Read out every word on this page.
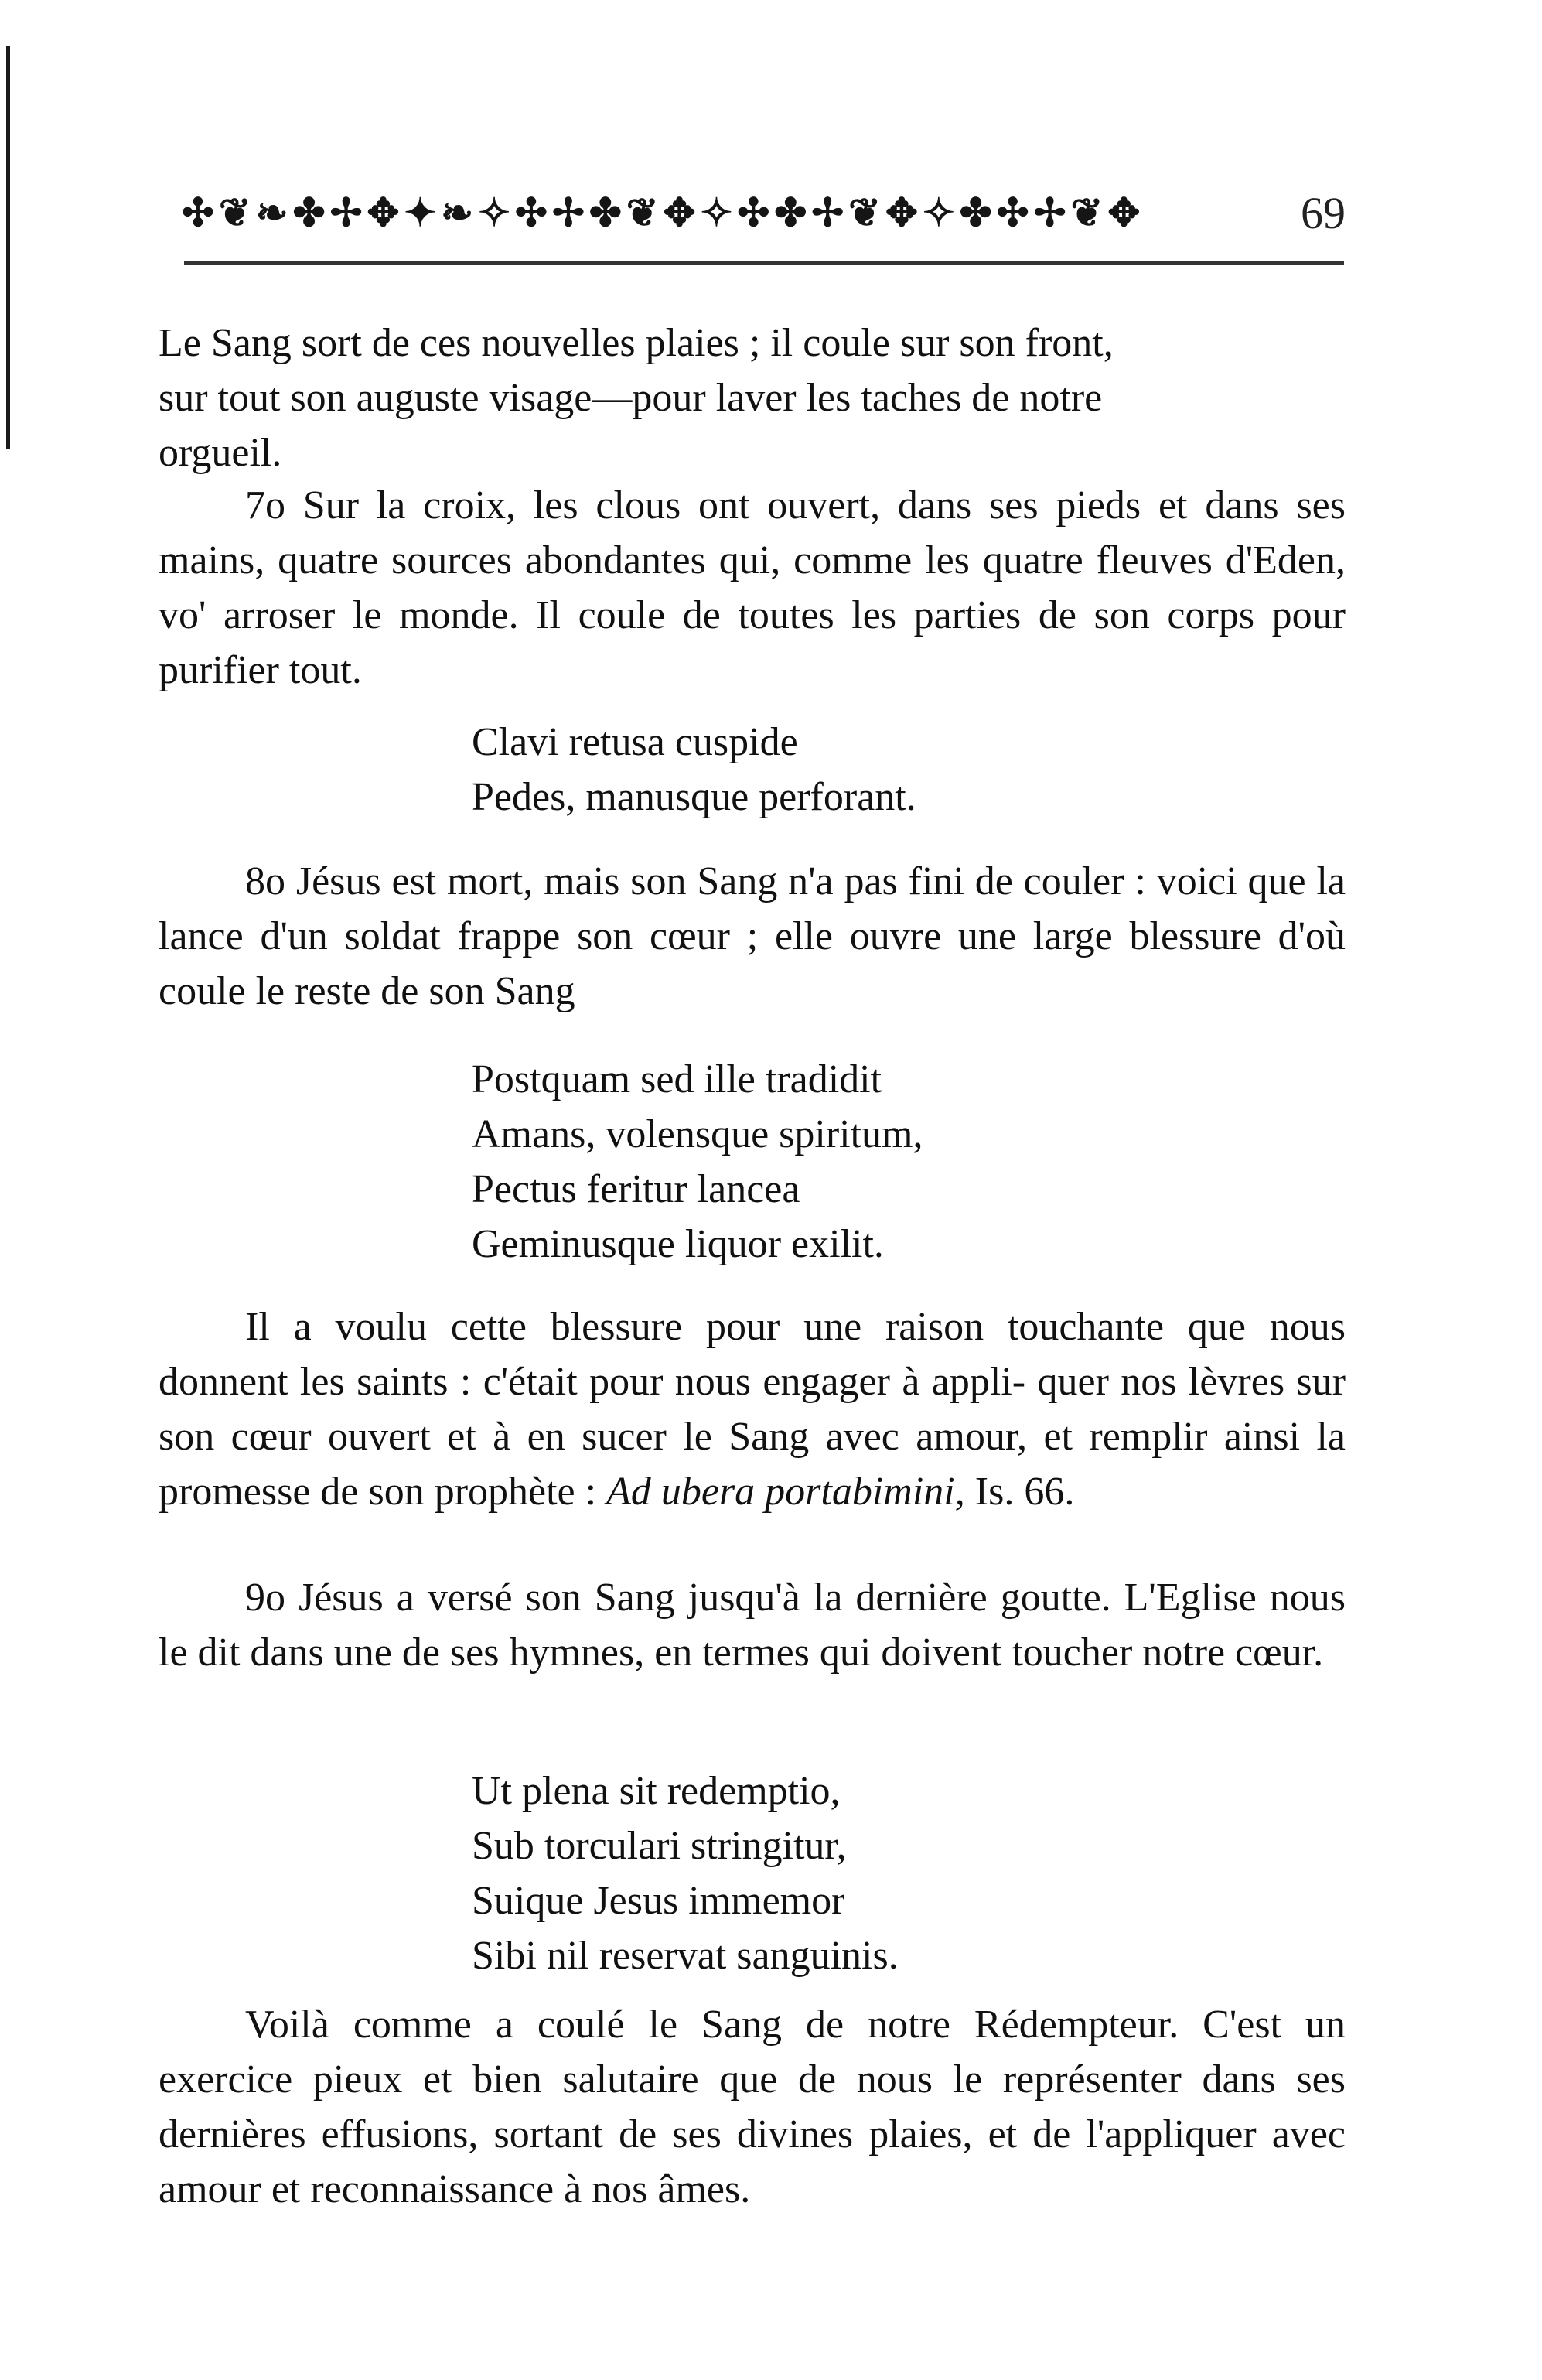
✣❦❧✤✢✥✦❧✧✣✢✤❦✥✧✣✤✢❦✥✧✤✣✢❦✥	69
Le Sang sort de ces nouvelles plaies ; il coule sur son front,
sur tout son auguste visage—pour laver les taches de notre
orgueil.
7o Sur la croix, les clous ont ouvert, dans ses pieds et dans ses mains, quatre sources abondantes qui, comme les quatre fleuves d'Eden, vo'​ arroser le monde. Il coule de toutes les parties de son corps pour purifier tout.
Clavi retusa cuspide
Pedes, manusque perforant.
8o Jésus est mort, mais son Sang n'a pas fini de couler : voici que la lance d'un soldat frappe son cœur ; elle ouvre une large blessure d'où coule le reste de son Sang
Postquam sed ille tradidit
Amans, volensque spiritum,
Pectus feritur lancea
Geminusque liquor exilit.
Il a voulu cette blessure pour une raison touchante que nous donnent les saints : c'était pour nous engager à appli- quer nos lèvres sur son cœur ouvert et à en sucer le Sang avec amour, et remplir ainsi la promesse de son prophète : Ad ubera portabimini, Is. 66.
9o Jésus a versé son Sang jusqu'à la dernière goutte. L'Eglise nous le dit dans une de ses hymnes, en termes qui doivent toucher notre cœur.
Ut plena sit redemptio,
Sub torculari stringitur,
Suique Jesus immemor
Sibi nil reservat sanguinis.
Voilà comme a coulé le Sang de notre Rédempteur. C'est un exercice pieux et bien salutaire que de nous le représenter dans ses dernières effusions, sortant de ses divines plaies, et de l'appliquer avec amour et reconnaissance à nos âmes.
